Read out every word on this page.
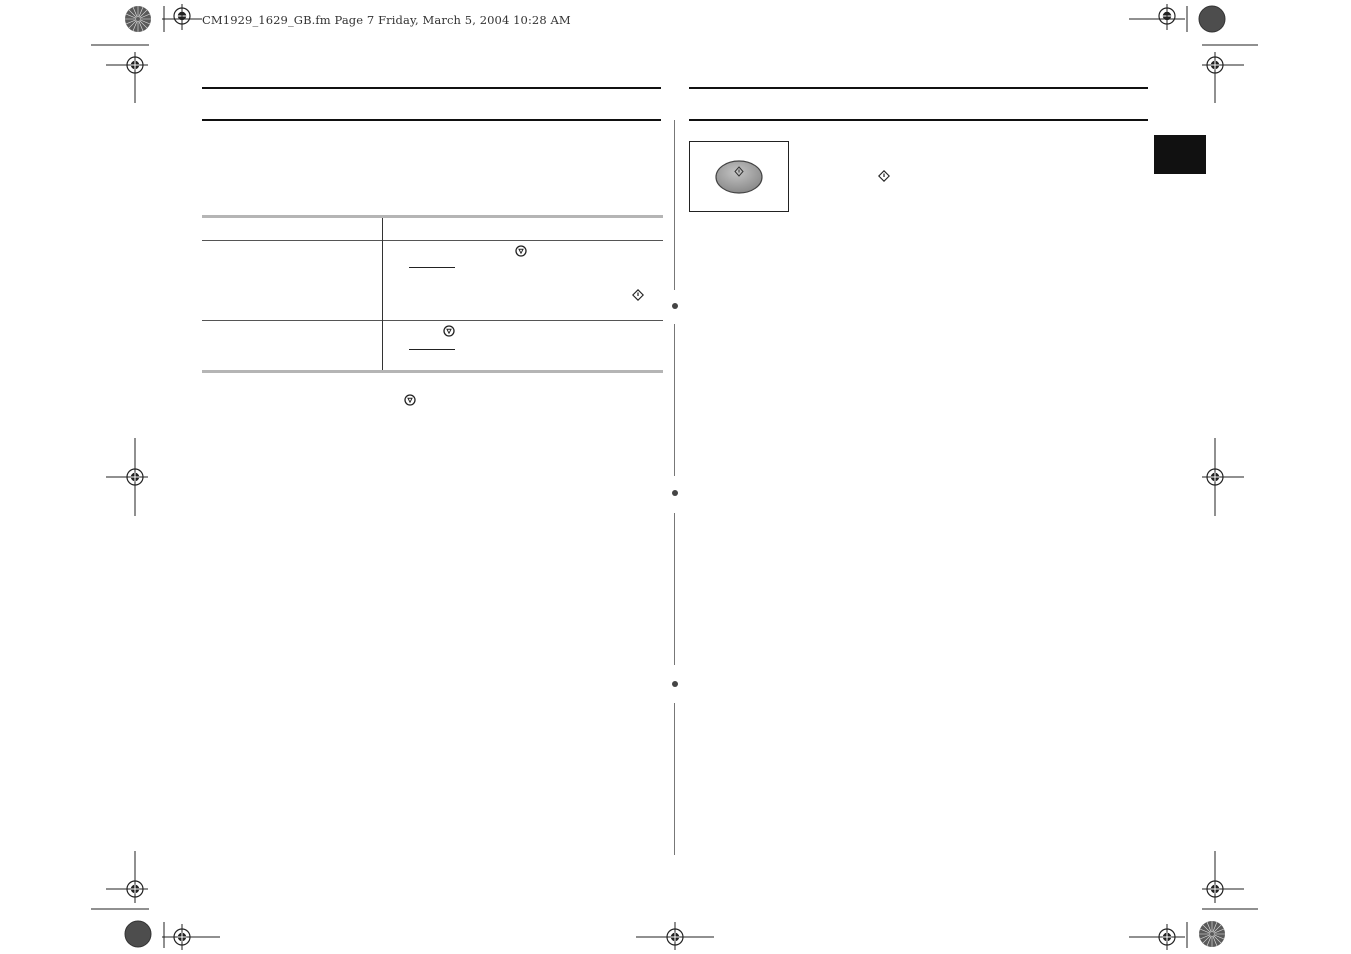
CM1929_1629_GB.fm Page 7 Friday, March 5, 2004 10:28 AM
